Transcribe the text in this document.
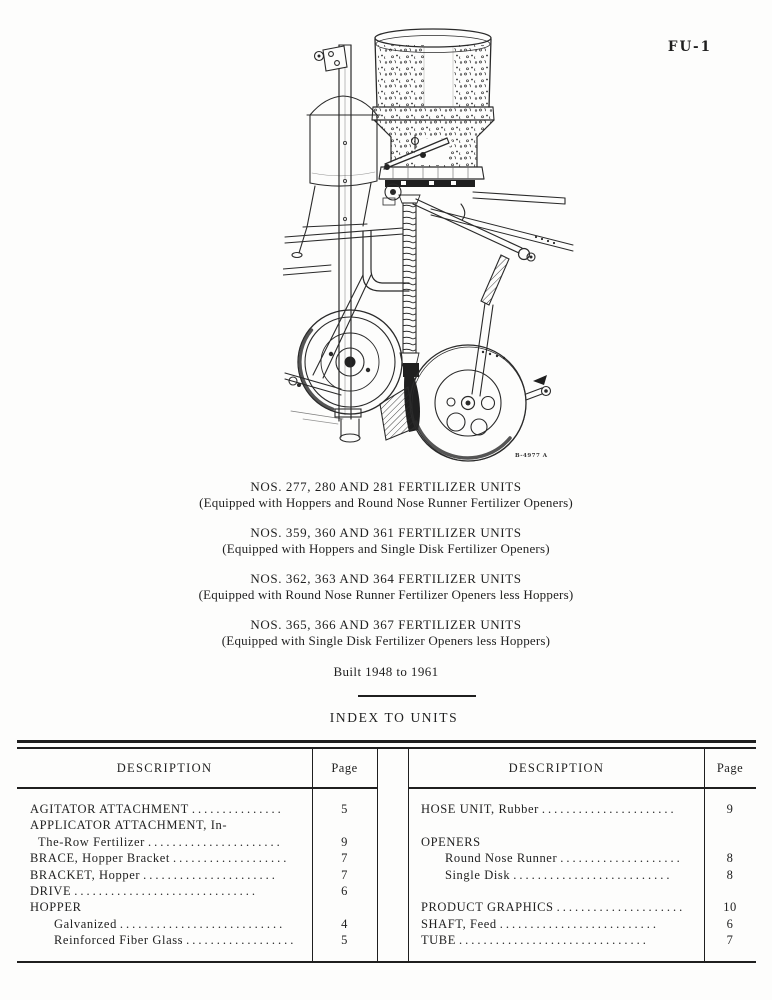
FU-1
B-4977 A
NOS. 277, 280 AND 281 FERTILIZER UNITS
(Equipped with Hoppers and Round Nose Runner Fertilizer Openers)
NOS. 359, 360 AND 361 FERTILIZER UNITS
(Equipped with Hoppers and Single Disk Fertilizer Openers)
NOS. 362, 363 AND 364 FERTILIZER UNITS
(Equipped with Round Nose Runner Fertilizer Openers less Hoppers)
NOS. 365, 366 AND 367 FERTILIZER UNITS
(Equipped with Single Disk Fertilizer Openers less Hoppers)
Built 1948 to 1961
INDEX TO UNITS
DESCRIPTION	Page
AGITATOR ATTACHMENT ...............	5
APPLICATOR ATTACHMENT, In-
The-Row Fertilizer ......................	9
BRACE, Hopper Bracket ...................	7
BRACKET, Hopper ......................	7
DRIVE ..............................	6
HOPPER
Galvanized ...........................	4
Reinforced Fiber Glass ..................	5
DESCRIPTION	Page
HOSE UNIT, Rubber ......................	9
OPENERS
Round Nose Runner ....................	8
Single Disk ..........................	8
PRODUCT GRAPHICS .....................	10
SHAFT, Feed ..........................	6
TUBE ...............................	7
